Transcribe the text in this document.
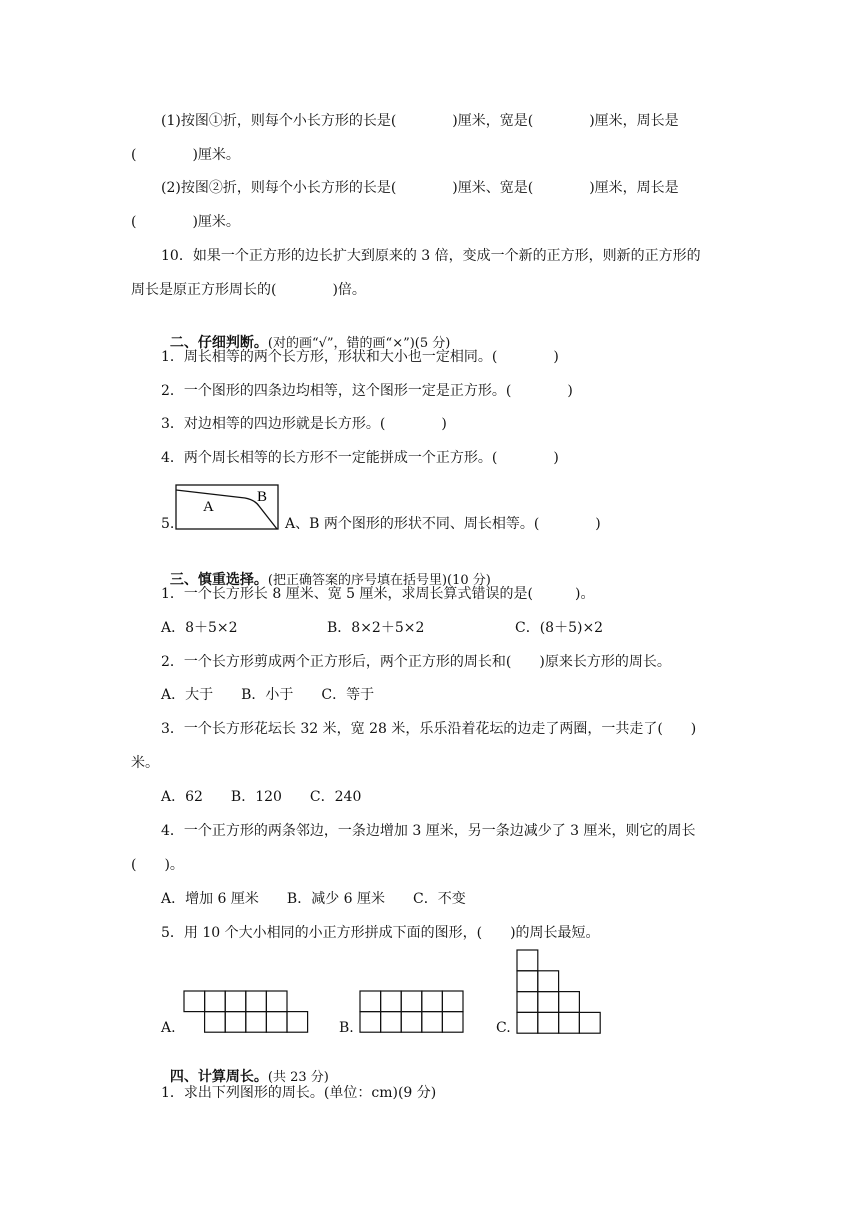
(1)按图①折，则每个小长方形的长是(　　　　)厘米，宽是(　　　　)厘米，周长是
(　　　　)厘米。
(2)按图②折，则每个小长方形的长是(　　　　)厘米、宽是(　　　　)厘米，周长是
(　　　　)厘米。
10．如果一个正方形的边长扩大到原来的 3 倍，变成一个新的正方形，则新的正方形的
周长是原正方形周长的(　　　　)倍。

二、仔细判断。(对的画“√”，错的画“×”)(5 分)

1．周长相等的两个长方形，形状和大小也一定相同。(　　　　)
2．一个图形的四条边均相等，这个图形一定是正方形。(　　　　)
3．对边相等的四边形就是长方形。(　　　　)
4．两个周长相等的长方形不一定能拼成一个正方形。(　　　　)
5.
A
B
A、B 两个图形的形状不同、周长相等。(　　　　)

三、慎重选择。(把正确答案的序号填在括号里)(10 分)

1．一个长方形长 8 厘米、宽 5 厘米，求周长算式错误的是(　　　)。
A．8＋5×2	B．8×2＋5×2	C．(8＋5)×2
2．一个长方形剪成两个正方形后，两个正方形的周长和(　　)原来长方形的周长。
A．大于　　B．小于　　C．等于
3．一个长方形花坛长 32 米，宽 28 米，乐乐沿着花坛的边走了两圈，一共走了(　　)
米。
A．62　　B．120　　C．240
4．一个正方形的两条邻边，一条边增加 3 厘米，另一条边减少了 3 厘米，则它的周长
(　　)。
A．增加 6 厘米　　B．减少 6 厘米　　C．不变
5．用 10 个大小相同的小正方形拼成下面的图形，(　　)的周长最短。
A.	B.	C.

四、计算周长。(共 23 分)

1．求出下列图形的周长。(单位：cm)(9 分)
